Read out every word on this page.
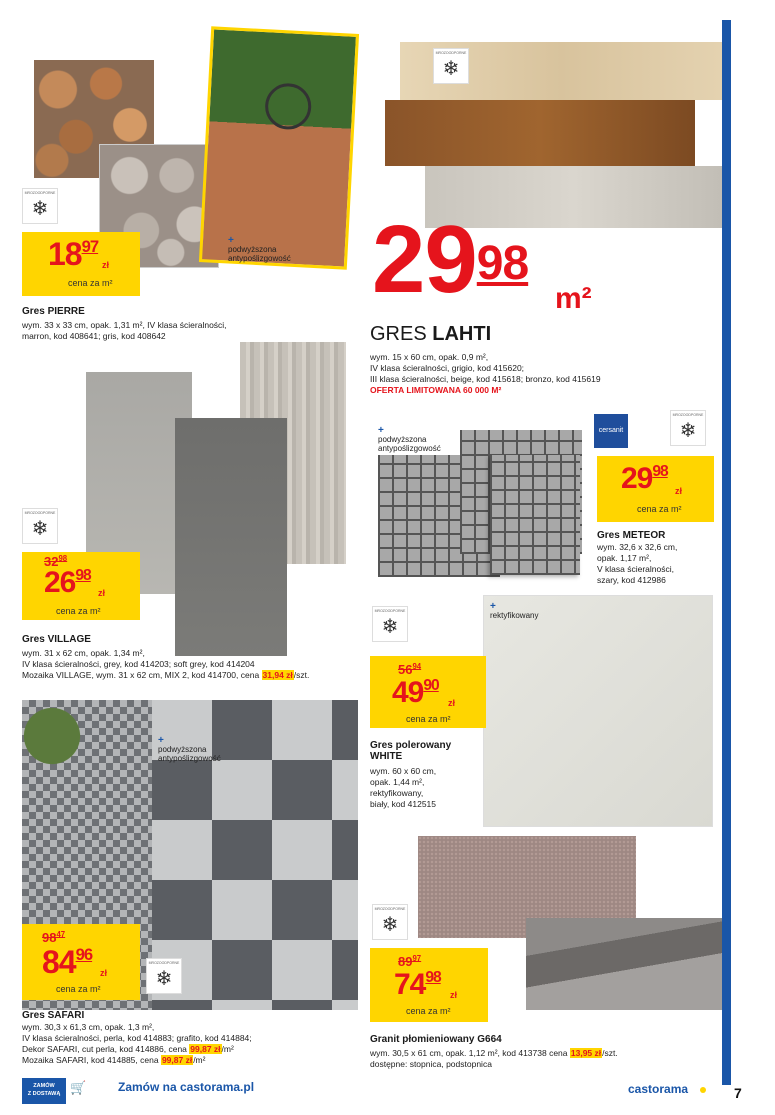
7
MROZOODPORNE
❄
$18^{97}$
zł
cena za m²
+
podwyższona
antypoślizgowość
Gres PIERRE
wym. 33 x 33 cm, opak. 1,31 m², IV klasa ścieralności,
marron, kod 408641; gris, kod 408642
MROZOODPORNE
❄
$29^{98}$
m²
GRES LAHTI
wym. 15 x 60 cm, opak. 0,9 m²,
IV klasa ścieralności, grigio, kod 415620;
III klasa ścieralności, beige, kod 415618; bronzo, kod 415619
OFERTA LIMITOWANA 60 000 M²
MROZOODPORNE
❄
$32^{98}$
$26^{98}$
zł
cena za m²
Gres VILLAGE
wym. 31 x 62 cm, opak. 1,34 m²,
IV klasa ścieralności, grey, kod 414203; soft grey, kod 414204
Mozaika VILLAGE, wym. 31 x 62 cm, MIX 2, kod 414700, cena 31,94 zł/szt.
+
podwyższona
antypoślizgowość
cersanit
MROZOODPORNE
❄
$29^{98}$
zł
cena za m²
Gres METEOR
wym. 32,6 x 32,6 cm,
opak. 1,17 m²,
V klasa ścieralności,
szary, kod 412986
+
rektyfikowany
MROZOODPORNE
❄
$56^{94}$
$49^{90}$
zł
cena za m²
Gres polerowany
WHITE
wym. 60 x 60 cm,
opak. 1,44 m²,
rektyfikowany,
biały, kod 412515
+
podwyższona
antypoślizgowość
MROZOODPORNE
❄
$98^{47}$
$84^{96}$
zł
cena za m²
Gres SAFARI
wym. 30,3 x 61,3 cm, opak. 1,3 m²,
IV klasa ścieralności, perla, kod 414883; grafito, kod 414884;
Dekor SAFARI, cut perla, kod 414886, cena 99,87 zł/m²
Mozaika SAFARI, kod 414885, cena 99,87 zł/m²
MROZOODPORNE
❄
$89^{97}$
$74^{98}$
zł
cena za m²
Granit płomieniowany G664
wym. 30,5 x 61 cm, opak. 1,12 m², kod 413738 cena 13,95 zł/szt.
dostępne: stopnica, podstopnica
ZAMÓW
Z DOSTAWĄ 🛒	Zamów na castorama.pl	castorama
